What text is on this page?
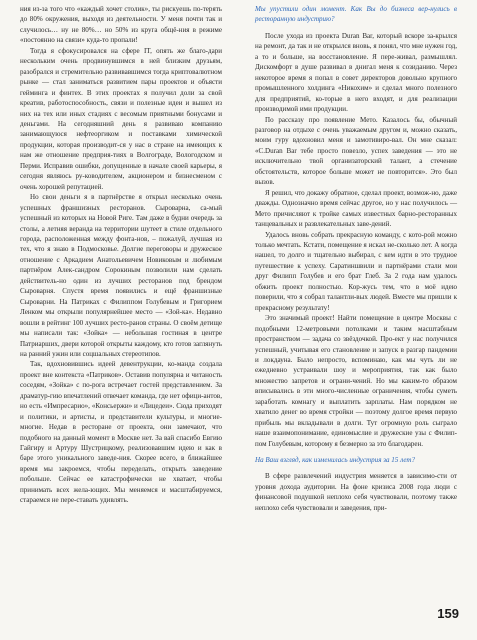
ния из-за того что «каждый хочет столик», ты рискуешь по-терять до 80% окружения, выходя из деятельности. У меня почти так и случилось… ну не 80%… но 50% из круга общё-ния в режиме «постоянно на связи» куда-то пропали!

Тогда я сфокусировался на сфере IT, опять же благо-дари нескольким очень продвинувшимся в ней близким друзьям, разобрался и стремительно развивавшимся тогда криптовалютном рынке — стал заниматься развитием пары проектов и объясти гейминга и финтех. В этих проектах я получил доли за свой креатив, работоспособность, связи и полезные идеи и вышел из них на тех или иных стадиях с весомым приятными бонусами и деньгами. На сегодняшний день я развиваю компанию занимающуюся нефтеоргиком и поставками химической продукции, которая производит-ся у нас в стране на имеющих к нам же отношение предприя-тиях в Волгограде, Вологодском и Перми. Исправив ошибки, допущенные в начале своей карьеры, я сегодня являюсь ру-ководителем, акционером и бизнесменом с очень хорошей репутацией.

Но свои деньги я в партнёрстве я открыл несколько очень успешных франшизных ресторанов. Сыроварна, са-мый успешный из которых на Новой Риге. Там даже в будни очередь за столы, а летняя веранда на территории шутеет в стиле отдельного города, расположенная между фонта-нов, – пожалуй, лучшая из тех, что я знаю в Подмосковье. Долгие переговоры и дружеское отношение с Аркадием Анатольевичем Новиковым и любимым партнёром Алек-сандром Сорокиным позволили нам сделать действитель-но один из лучших ресторанов под брендом Сыроварня. Спустя время появились и ещё франшизные Сыроварни. На Патриках с Филиппом Голубевым и Григорием Ленком мы открыли популярнейшее место — «Зой-ка». Недавно вошли в рейтинг 100 лучших ресто-ранов страны. О своём детище мы написали так: «Зойка» — небольшая гостиная в центре Патриарших, двери которой открыты каждому, кто готов заглянуть на ранний ужин или соцшальных стереотипов.

Так, вдохновившись идеей девентрукции, ко-манда создала проект вне контекста «Патриков». Оставив популярна и читаность соседям, «Зойка» с по-рога встречает гостей представлением. За драматур-гию впечатлений отвечает команда, где нет офици-антов, но есть «Импресарио», «Консьержи» и «Лицедеи». Сюда приходят и политики, и артисты, и представители культуры, и многие-многие. Недав в ресторане от проекта, они замечают, что подобного на данный момент в Москве нет. За вай спасибо Евгию Гайгиру и Артуру Шустрицкому, реализовавшим идею и как в баре этого уникального заведе-ния. Скорее всего, в ближайшее время мы закроемся, чтобы переделать, открыть заведение побольше. Сейчас ее катастрофически не хватает, чтобы принимать всех жела-ющих. Мы меняемся и масштабируемся, стараемся не пере-ставать удивлять.

Мы упустили один момент. Как Вы до бизнеса вер-нулись в ресторанную индустрию?

После ухода из проекта Duran Bar, который вскоре за-крылся на ремонт, да так и не открылся вновь, я понял, что мне нужен год, а то и больше, на восстановление. Я пере-живал, размышлял. Дискомфорт в душе развивал в днигал меня к созиданию. Через некоторое время я попал в совет директоров довольно крупного промышленного холдинга «Никохим» и сделал много полезного для предприятий, ко-торые в него входят, и для реализации производимой ими продукции.

По рассказу про появление Мето. Казалось бы, обычный разговор на отдыхе с очень уважаемым другом и, можно сказать, моим гуру вдохновил меня и замотивиро-вал. Он мне сказал: «C.Duran Bar тебе просто повезло, успех заведения — это не исключительно твой организаторский талант, а стечение обстоятельств, которое больше может не повторится». Это был вызов.

Я решил, что докажу обратное, сделал проект, возмож-но, даже дважды. Однозначно время сейчас другое, но у нас получилось — Мето причисляют к тройке самых известных барно-ресторанных танцевальных и развлекательных заве-дений.

Удалось вновь собрать прекрасную команду, с кото-рой можно только мечтать. Кстати, помещение я искал не-сколько лет. А когда нашел, то долго и тщательно выбирал, с кем идти в это трудное путешествие к успеху. Саратиншвили и партнёрами стали мои друг Филипп Голубев и его брат Глеб. За 2 года нам удалось обжить проект полностью. Кор-жусь тем, что в моё идею поверили, что я собрал талантли-вых людей. Вместе мы пришли к прекрасному результату!

Это значимый проект! Найти помещение в центре Москвы с подобными 12-метровыми потолками и таким масштабным пространством — задача со звёздочкой. Про-ект у нас получился успешный, учитывая его становление и запуск в разгар пандемии и локдауна. Было непросто, вспоминаю, как мы чуть ли не ежедневно устраивали шоу и мероприятия, так как было множество запретов и ограни-чений. Но мы каким-то образом вписывались в эти много-численные ограничения, чтобы суметь заработать комнагу и выплатить зарплаты. Нам порядком не хватило денег во время стройки — поэтому долгое время первую прибыль мы вкладывали в долги. Тут огромную роль сыграло наше взаимопонимание, единомыслие и дружеские узы с Филип-пом Голубевым, которому я безмерно за это благодарен.

На Ваш взгляд, как изменилась индустрия за 15 лет?

В сфере развлечений индустрия меняется в зависимо-сти от уровня дохода аудитории. На фоне кризиса 2008 года люди с финансовой подушкой неплохо себя чувствовали, поэтому также неплохо себя чувствовали и заведения, при-

159
